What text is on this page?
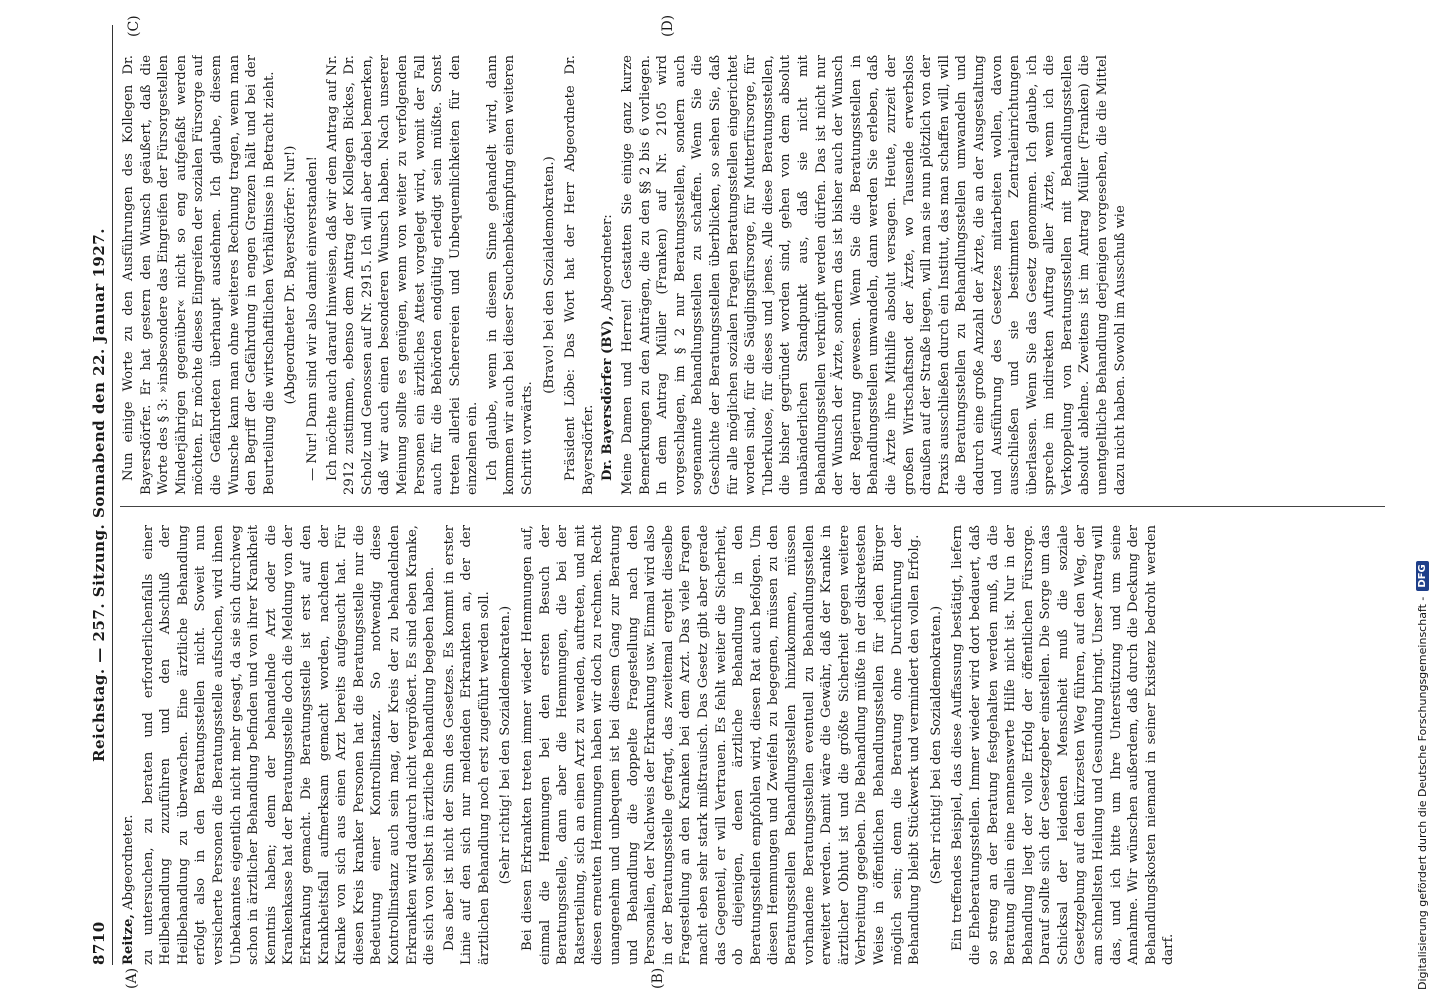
8710
Reichstag. — 257. Sitzung. Sonnabend den 22. Januar 1927.
(A)	(B)
(C)	(D)

Reitze, Abgeordneter. zu untersuchen, zu beraten und erforderlichenfalls einer Heilbehandlung zuzuführen und den Abschluß der Heilbehandlung zu überwachen. Eine ärztliche Behandlung erfolgt also in den Beratungsstellen nicht. Soweit nun versicherte Personen die Beratungsstelle aufsuchen, wird ihnen Unbekanntes eigentlich nicht mehr gesagt, da sie sich durchweg schon in ärztlicher Behandlung befinden und von ihrer Krankheit Kenntnis haben; denn der behandelnde Arzt oder die Krankenkasse hat der Beratungsstelle doch die Meldung von der Erkrankung gemacht. Die Beratungsstelle ist erst auf den Krankheitsfall aufmerksam gemacht worden, nachdem der Kranke von sich aus einen Arzt bereits aufgesucht hat. Für diesen Kreis kranker Personen hat die Beratungsstelle nur die Bedeutung einer Kontrollinstanz. So notwendig diese Kontrollinstanz auch sein mag, der Kreis der zu behandelnden Erkrankten wird dadurch nicht vergrößert. Es sind eben Kranke, die sich von selbst in ärztliche Behandlung begeben haben. Das aber ist nicht der Sinn des Gesetzes. Es kommt in erster Linie auf den sich nur meldenden Erkrankten an, der der ärztlichen Behandlung noch erst zugeführt werden soll. (Sehr richtig! bei den Sozialdemokraten.) Bei diesen Erkrankten treten immer wieder Hemmungen auf, einmal die Hemmungen bei den ersten Besuch der Beratungsstelle, dann aber die Hemmungen, die bei der Ratserteilung, sich an einen Arzt zu wenden, auftreten, und mit diesen erneuten Hemmungen haben wir doch zu rechnen. Recht unangenehm und unbequem ist bei diesem Gang zur Beratung und Behandlung die doppelte Fragestellung nach den Personalien, der Nachweis der Erkrankung usw. Einmal wird also in der Beratungsstelle gefragt, das zweitemal ergeht dieselbe Fragestellung an den Kranken bei dem Arzt. Das viele Fragen macht eben sehr stark mißtrauisch. Das Gesetz gibt aber gerade das Gegenteil, er will Vertrauen. Es fehlt weiter die Sicherheit, ob diejenigen, denen ärztliche Behandlung in den Beratungsstellen empfohlen wird, diesen Rat auch befolgen. Um diesen Hemmungen und Zweifeln zu begegnen, müssen zu den Beratungsstellen Behandlungsstellen hinzukommen, müssen vorhandene Beratungsstellen eventuell zu Behandlungsstellen erweitert werden. Damit wäre die Gewähr, daß der Kranke in ärztlicher Obhut ist und die größte Sicherheit gegen weitere Verbreitung gegeben. Die Behandlung müßte in der diskretesten Weise in öffentlichen Behandlungsstellen für jeden Bürger möglich sein; denn die Beratung ohne Durchführung der Behandlung bleibt Stückwerk und vermindert den vollen Erfolg. (Sehr richtig! bei den Sozialdemokraten.) Ein treffendes Beispiel, das diese Auffassung bestätigt, liefern die Eheberatungsstellen. Immer wieder wird dort bedauert, daß so streng an der Beratung festgehalten werden muß, da die Beratung allein eine nennenswerte Hilfe nicht ist. Nur in der Behandlung liegt der volle Erfolg der öffentlichen Fürsorge. Darauf sollte sich der Gesetzgeber einstellen. Die Sorge um das Schicksal der leidenden Menschheit muß die soziale Gesetzgebung auf den kürzesten Weg führen, auf den Weg, der am schnellsten Heilung und Gesundung bringt. Unser Antrag will das, und ich bitte um Ihre Unterstützung und um seine Annahme. Wir wünschen außerdem, daß durch die Deckung der Behandlungskosten niemand in seiner Existenz bedroht werden darf.

Nun einige Worte zu den Ausführungen des Kollegen Dr. Bayersdörfer. Er hat gestern den Wunsch geäußert, daß die Worte des § 3: »insbesondere das Eingreifen der Fürsorgestellen Minderjährigen gegenüber« nicht so eng aufgefaßt werden möchten. Er möchte dieses Eingreifen der sozialen Fürsorge auf die Gefährdeten überhaupt ausdehnen. Ich glaube, diesem Wunsche kann man ohne weiteres Rechnung tragen, wenn man den Begriff der Gefährdung in engen Grenzen hält und bei der Beurteilung die wirtschaftlichen Verhältnisse in Betracht zieht. (Abgeordneter Dr. Bayersdörfer: Nur!) — Nur! Dann sind wir also damit einverstanden! Ich möchte auch darauf hinweisen, daß wir dem Antrag auf Nr. 2912 zustimmen, ebenso dem Antrag der Kollegen Bickes, Dr. Scholz und Genossen auf Nr. 2915. Ich will aber dabei bemerken, daß wir auch einen besonderen Wunsch haben. Nach unserer Meinung sollte es genügen, wenn von weiter zu verfolgenden Personen ein ärztliches Attest vorgelegt wird, womit der Fall auch für die Behörden endgültig erledigt sein müßte. Sonst treten allerlei Scherereien und Unbequemlichkeiten für den einzelnen ein. Ich glaube, wenn in diesem Sinne gehandelt wird, dann kommen wir auch bei dieser Seuchenbekämpfung einen weiteren Schritt vorwärts.

(Bravo! bei den Sozialdemokraten.) Präsident Löbe: Das Wort hat der Herr Abgeordnete Dr. Bayersdörfer. Dr. Bayersdörfer (BV), Abgeordneter: Meine Damen und Herren! Gestatten Sie einige ganz kurze Bemerkungen zu den Anträgen, die zu den §§ 2 bis 6 vorliegen. In dem Antrag Müller (Franken) auf Nr. 2105 wird vorgeschlagen, im § 2 nur Beratungsstellen, sondern auch sogenannte Behandlungsstellen zu schaffen. Wenn Sie die Geschichte der Beratungsstellen überblicken, so sehen Sie, daß für alle möglichen sozialen Fragen Beratungsstellen eingerichtet worden sind, für die Säuglingsfürsorge, für Mutterfürsorge, für Tuberkulose, für dieses und jenes. Alle diese Beratungsstellen, die bisher gegründet worden sind, gehen von dem absolut unabänderlichen Standpunkt aus, daß sie nicht mit Behandlungsstellen verknüpft werden dürfen. Das ist nicht nur der Wunsch der Ärzte, sondern das ist bisher auch der Wunsch der Regierung gewesen. Wenn Sie die Beratungsstellen in Behandlungsstellen umwandeln, dann werden Sie erleben, daß die Ärzte ihre Mithilfe absolut versagen. Heute, zurzeit der großen Wirtschaftsnot der Ärzte, wo Tausende erwerbslos draußen auf der Straße liegen, will man sie nun plötzlich von der Praxis ausschließen durch ein Institut, das man schaffen will, will die Beratungsstellen zu Behandlungsstellen umwandeln und dadurch eine große Anzahl der Ärzte, die an der Ausgestaltung und Ausführung des Gesetzes mitarbeiten wollen, davon ausschließen und sie bestimmten Zentraleinrichtungen überlassen. Wenn Sie das Gesetz genommen. Ich glaube, ich spreche im indirekten Auftrag aller Ärzte, wenn ich die Verkoppelung von Beratungsstellen mit Behandlungsstellen absolut ablehne. Zweitens ist im Antrag Müller (Franken) die unentgeltliche Behandlung derjenigen vorgesehen, die die Mittel dazu nicht haben. Sowohl im Ausschuß wie

Digitalisierung gefördert durch die Deutsche Forschungsgemeinschaft -
DFG
